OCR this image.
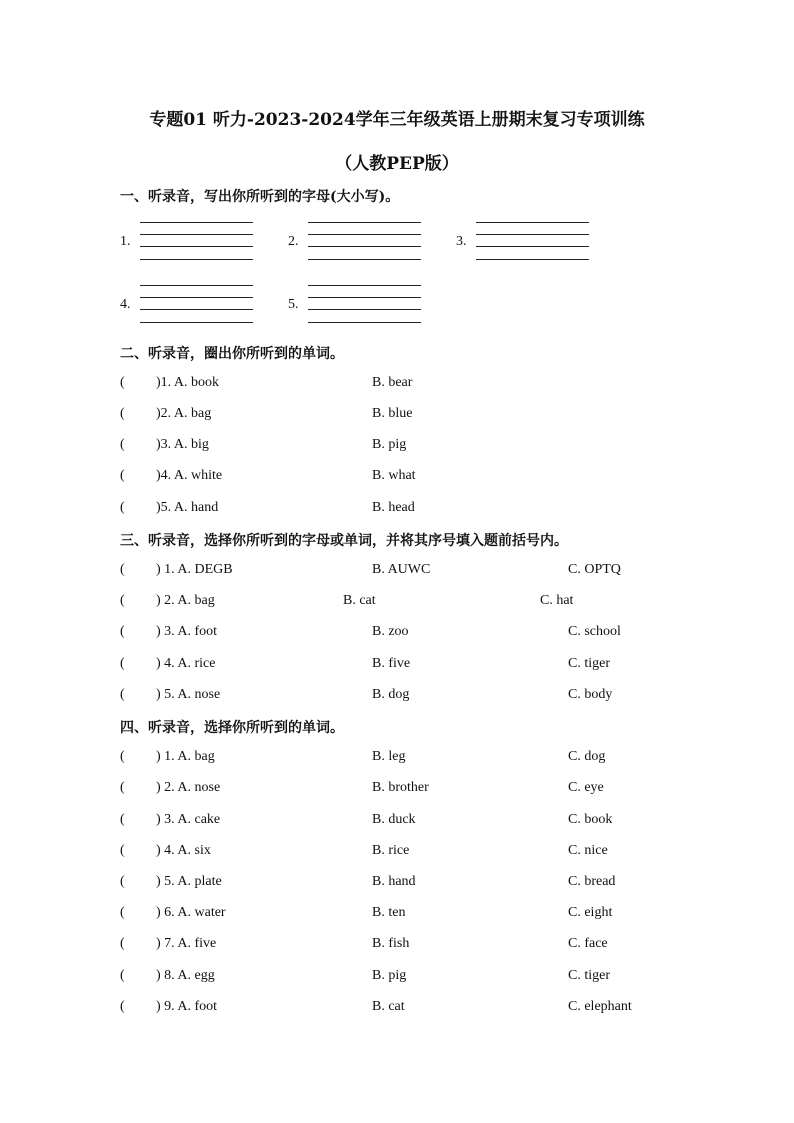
专题01 听力-2023-2024学年三年级英语上册期末复习专项训练
（人教PEP版）
一、听录音，写出你所听到的字母(大小写)。
1.	2.	3.
4.	5.
二、听录音，圈出你所听到的单词。
( )1. A. book	B. bear
( )2. A. bag	B. blue
( )3. A. big	B. pig
( )4. A. white	B. what
( )5. A. hand	B. head
三、听录音，选择你所听到的字母或单词，并将其序号填入题前括号内。
( ) 1. A. DEGB	B. AUWC	C. OPTQ
( ) 2. A. bag	B. cat	C. hat
( ) 3. A. foot	B. zoo	C. school
( ) 4. A. rice	B. five	C. tiger
( ) 5. A. nose	B. dog	C. body
四、听录音，选择你所听到的单词。
( ) 1. A. bag	B. leg	C. dog
( ) 2. A. nose	B. brother	C. eye
( ) 3. A. cake	B. duck	C. book
( ) 4. A. six	B. rice	C. nice
( ) 5. A. plate	B. hand	C. bread
( ) 6. A. water	B. ten	C. eight
( ) 7. A. five	B. fish	C. face
( ) 8. A. egg	B. pig	C. tiger
( ) 9. A. foot	B. cat	C. elephant
